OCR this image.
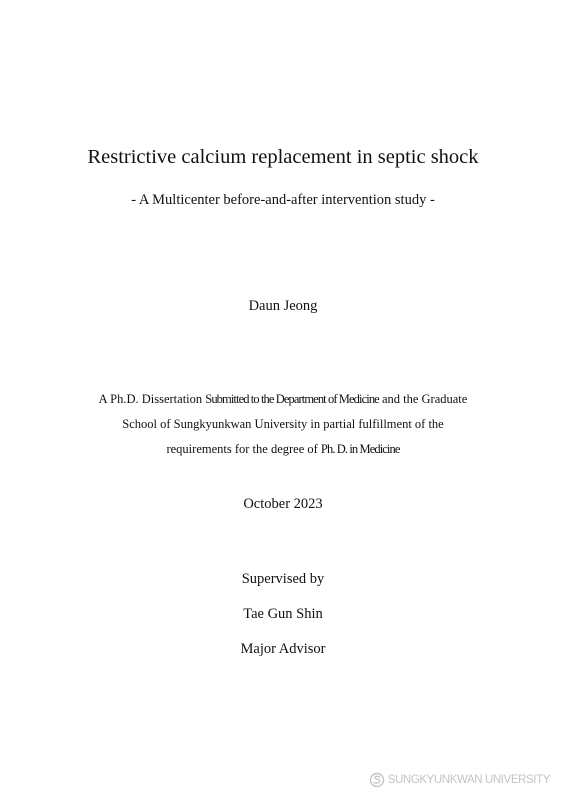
Restrictive calcium replacement in septic shock
- A Multicenter before-and-after intervention study -
Daun Jeong
A Ph.D. Dissertation Submitted to the Department of Medicine and the Graduate
School of Sungkyunkwan University in partial fulfillment of the
requirements for the degree of Ph. D. in Medicine
October 2023
Supervised by
Tae Gun Shin
Major Advisor
SUNGKYUNKWAN UNIVERSITY
